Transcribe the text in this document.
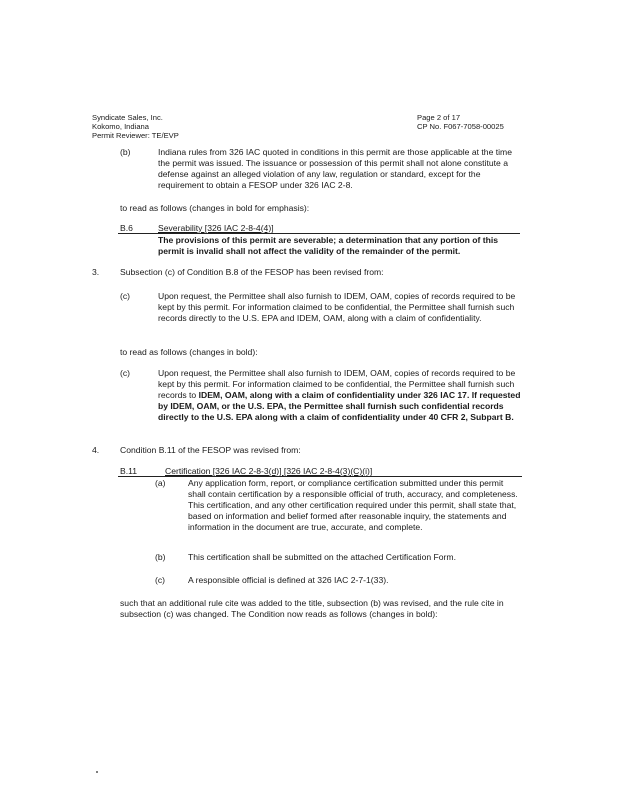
Syndicate Sales, Inc.

Kokomo, Indiana

Permit Reviewer: TE/EVP

Page 2 of 17

CP No. F067-7058-00025

(b)	Indiana rules from 326 IAC quoted in conditions in this permit are those applicable at the time the permit was issued. The issuance or possession of this permit shall not alone constitute a defense against an alleged violation of any law, regulation or standard, except for the requirement to obtain a FESOP under 326 IAC 2-8.

to read as follows (changes in bold for emphasis):

B.6	Severability [326 IAC 2-8-4(4)]

The provisions of this permit are severable; a determination that any portion of this permit is invalid shall not affect the validity of the remainder of the permit.

3. Subsection (c) of Condition B.8 of the FESOP has been revised from:

(c)	Upon request, the Permittee shall also furnish to IDEM, OAM, copies of records required to be kept by this permit. For information claimed to be confidential, the Permittee shall furnish such records directly to the U.S. EPA and IDEM, OAM, along with a claim of confidentiality.

to read as follows (changes in bold):

(c)	Upon request, the Permittee shall also furnish to IDEM, OAM, copies of records required to be kept by this permit. For information claimed to be confidential, the Permittee shall furnish such records to IDEM, OAM, along with a claim of confidentiality under 326 IAC 17. If requested by IDEM, OAM, or the U.S. EPA, the Permittee shall furnish such confidential records directly to the U.S. EPA along with a claim of confidentiality under 40 CFR 2, Subpart B.

4. Condition B.11 of the FESOP was revised from:

B.11	Certification [326 IAC 2-8-3(d)] [326 IAC 2-8-4(3)(C)(i)]

(a)	Any application form, report, or compliance certification submitted under this permit shall contain certification by a responsible official of truth, accuracy, and completeness. This certification, and any other certification required under this permit, shall state that, based on information and belief formed after reasonable inquiry, the statements and information in the document are true, accurate, and complete.

(b)	This certification shall be submitted on the attached Certification Form.

(c)	A responsible official is defined at 326 IAC 2-7-1(33).

such that an additional rule cite was added to the title, subsection (b) was revised, and the rule cite in subsection (c) was changed. The Condition now reads as follows (changes in bold):
